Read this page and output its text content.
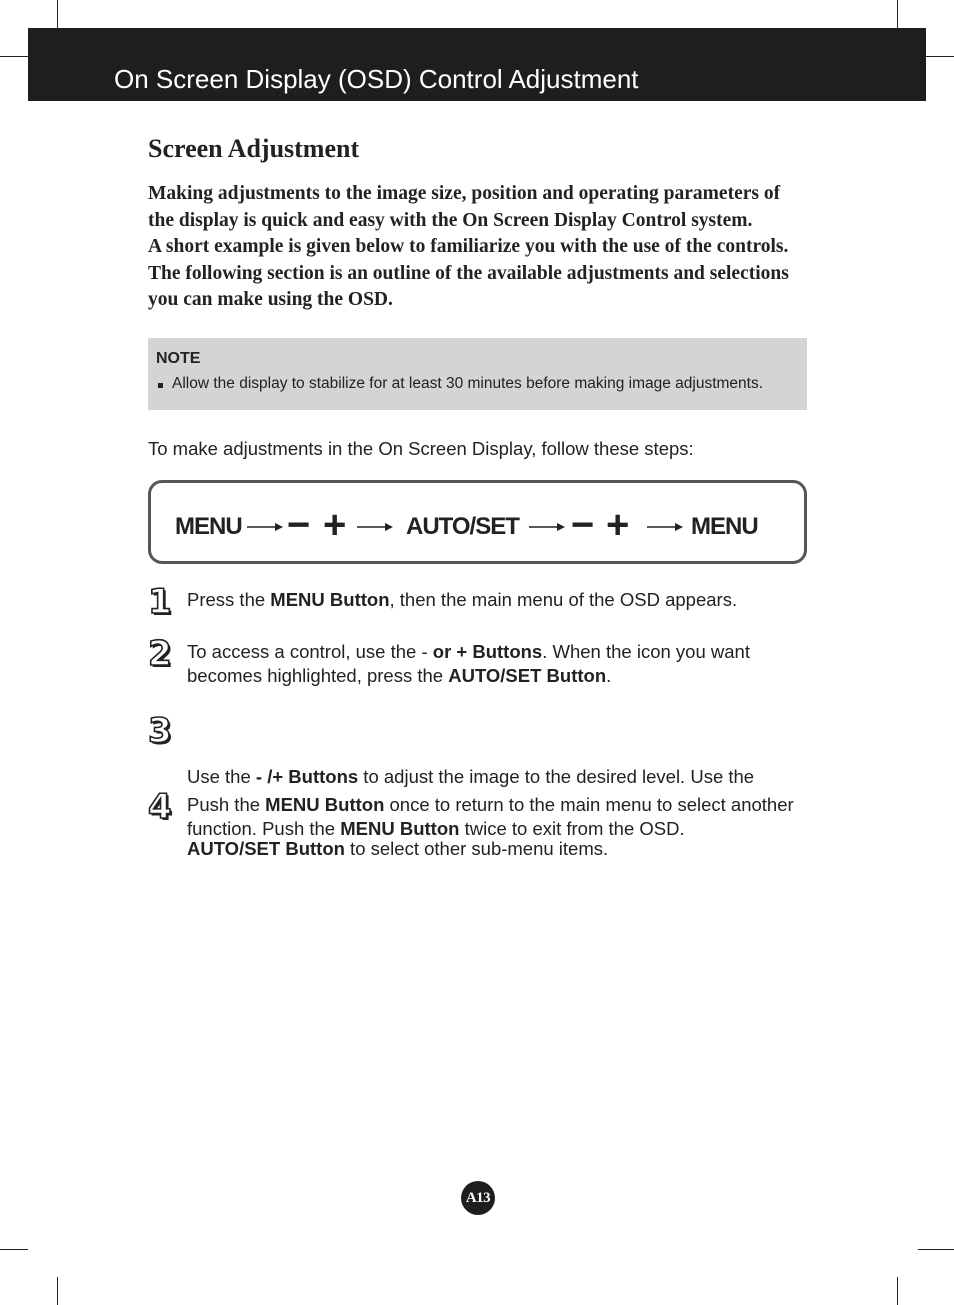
On Screen Display (OSD) Control Adjustment
Screen Adjustment
Making adjustments to the image size, position and operating parameters of
the display is quick and easy with the On Screen Display Control system.
A short example is given below to familiarize you with the use of the controls.
The following section is an outline of the available adjustments and selections
you can make using the OSD.
NOTE
Allow the display to stabilize for at least 30 minutes before making image adjustments.
To make adjustments in the On Screen Display, follow these steps:
MENU − + AUTO/SET − +	MENU
1 Press the MENU Button, then the main menu of the OSD appears.
2 To access a control, use the - or + Buttons. When the icon you want
becomes highlighted, press the AUTO/SET Button.
3

Use the - /+ Buttons to adjust the image to the desired level. Use the

AUTO/SET Button to select other sub-menu items.

4 Push the MENU Button once to return to the main menu to select another
function. Push the MENU Button twice to exit from the OSD.
A13
